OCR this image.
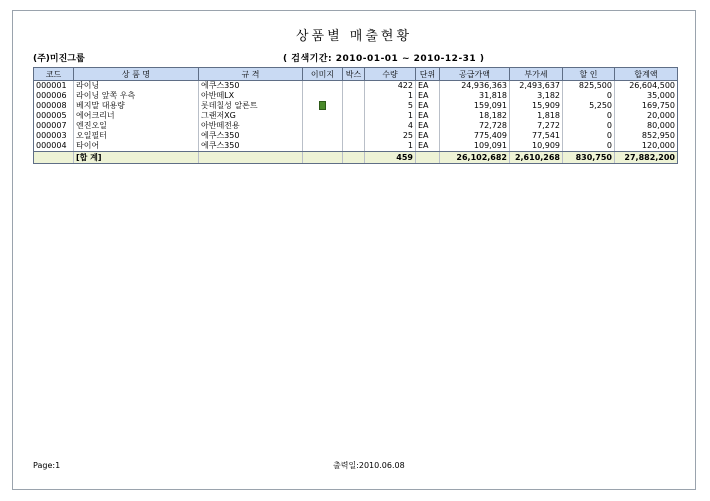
상품별 매출현황
(주)미진그룹	( 검색기간: 2010-01-01 ~ 2010-12-31 )
코드	상 품 명	규 격	이미지	박스	수량	단위	공급가액	부가세	할 인	합계액
000001	라이닝	에쿠스350			422	EA	24,936,363	2,493,637	825,500	26,604,500
000006	라이닝 앞쪽 우측	아반떼LX			1	EA	31,818	3,182	0	35,000
000008	베지말 대용량	롯데칠성 알론트			5	EA	159,091	15,909	5,250	169,750
000005	에어크리너	그랜저XG			1	EA	18,182	1,818	0	20,000
000007	엔진오일	아반떼전용			4	EA	72,728	7,272	0	80,000
000003	오일필터	에쿠스350			25	EA	775,409	77,541	0	852,950
000004	타이어	에쿠스350			1	EA	109,091	10,909	0	120,000
	[합 계]				459		26,102,682	2,610,268	830,750	27,882,200
Page:1	출력일:2010.06.08
